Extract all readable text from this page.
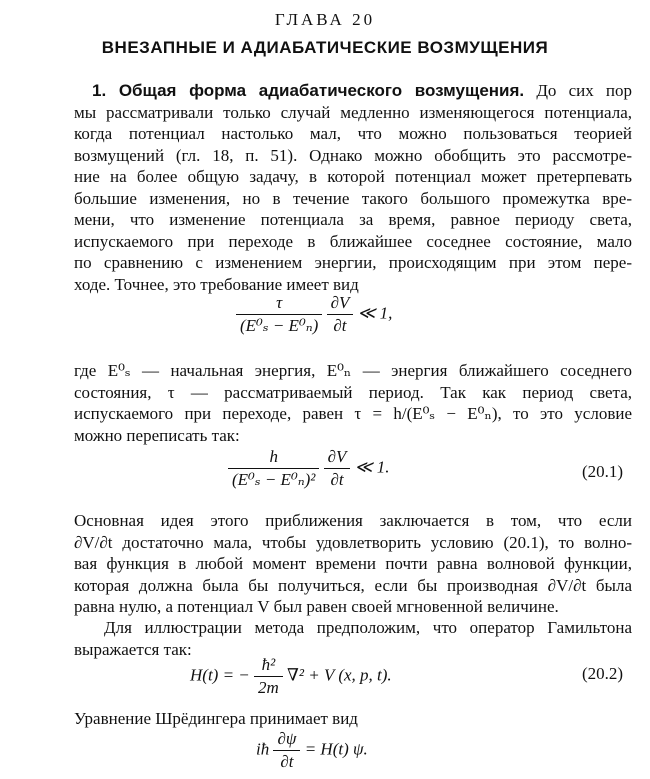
ГЛАВА 20
ВНЕЗАПНЫЕ И АДИАБАТИЧЕСКИЕ ВОЗМУЩЕНИЯ
1. Общая форма адиабатического возмущения. До сих пор
мы рассматривали только случай медленно изменяющегося потенциала,
когда потенциал настолько мал, что можно пользоваться теорией
возмущений (гл. 18, п. 51). Однако можно обобщить это рассмотре-
ние на более общую задачу, в которой потенциал может претерпевать
большие изменения, но в течение такого большого промежутка вре-
мени, что изменение потенциала за время, равное периоду света,
испускаемого при переходе в ближайшее соседнее состояние, мало
по сравнению с изменением энергии, происходящим при этом пере-
ходе. Точнее, это требование имеет вид
$\frac{\tau}{\text{(E⁰ₛ − E⁰ₙ)}}$
$\frac{\partial V}{\partial t}$ ≪ 1,
где E⁰ₛ — начальная энергия, E⁰ₙ — энергия ближайшего соседнего
состояния, τ — рассматриваемый период. Так как период света,
испускаемого при переходе, равен τ = h/(E⁰ₛ − E⁰ₙ), то это условие
можно переписать так:
$\frac{h}{\text{(E⁰ₛ − E⁰ₙ)²}}$
$\frac{\partial V}{\partial t}$ ≪ 1.	(20.1)
Основная идея этого приближения заключается в том, что если
∂V/∂t достаточно мала, чтобы удовлетворить условию (20.1), то волно-
вая функция в любой момент времени почти равна волновой функции,
которая должна была бы получиться, если бы производная ∂V/∂t была
равна нулю, а потенциал V был равен своей мгновенной величине.
Для иллюстрации метода предположим, что оператор Гамильтона
выражается так:
H(t) = − $\frac{\text{ħ²}}{2m} \nabla^2 + V$ (x, p, t).	(20.2)
Уравнение Шрёдингера принимает вид
iħ $\frac{\partial\psi}{\partial t} = H(t)$ ψ.
